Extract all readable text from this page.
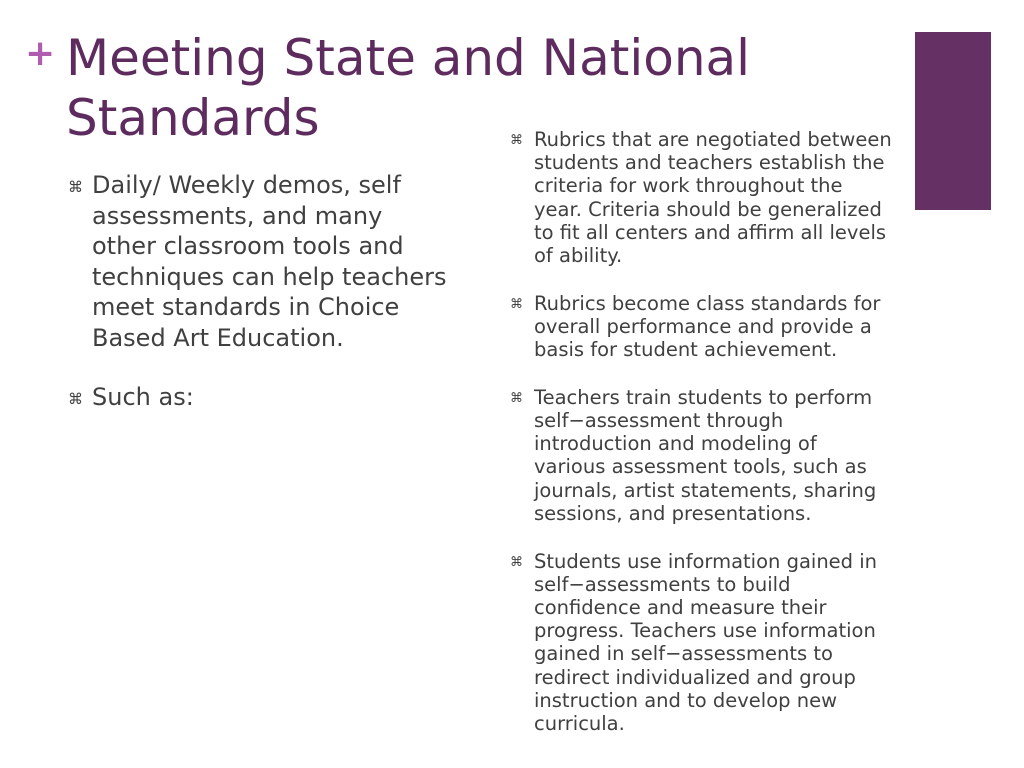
+ Meeting State and National Standards
⌘ Daily/ Weekly demos, self assessments, and many other classroom tools and techniques can help teachers meet standards in Choice Based Art Education.
⌘ Such as:
⌘ Rubrics that are negotiated between students and teachers establish the criteria for work throughout the year. Criteria should be generalized to fit all centers and affirm all levels of ability.
⌘ Rubrics become class standards for overall performance and provide a basis for student achievement.
⌘ Teachers train students to perform self−assessment through introduction and modeling of various assessment tools, such as journals, artist statements, sharing sessions, and presentations.
⌘ Students use information gained in self−assessments to build confidence and measure their progress. Teachers use information gained in self−assessments to redirect individualized and group instruction and to develop new curricula.
